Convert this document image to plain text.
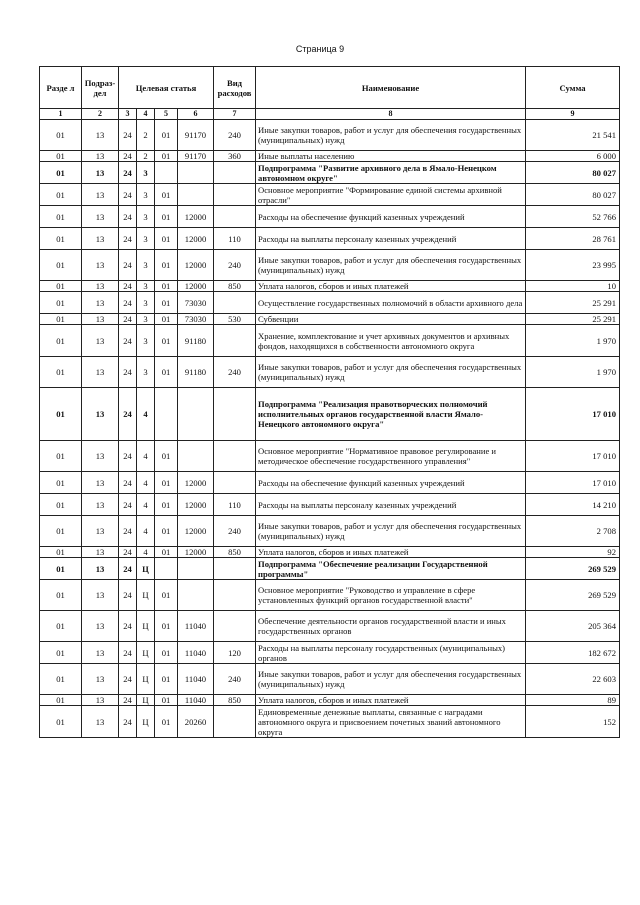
Страница 9
Разде л	Подраз- дел	Целевая статья				Вид расходов	Наименование	Сумма
1	2	3	4	5	6	7	8	9
01	13	24	2	01	91170	240	Иные закупки товаров, работ и услуг для обеспечения государственных (муниципальных) нужд	21 541
01	13	24	2	01	91170	360	Иные выплаты населению	6 000
01	13	24	3				Подпрограмма "Развитие архивного дела в Ямало-Ненецком автономном округе"	80 027
01	13	24	3	01			Основное мероприятие "Формирование единой системы архивной отрасли"	80 027
01	13	24	3	01	12000		Расходы на обеспечение функций казенных учреждений	52 766
01	13	24	3	01	12000	110	Расходы на выплаты персоналу казенных учреждений	28 761
01	13	24	3	01	12000	240	Иные закупки товаров, работ и услуг для обеспечения государственных (муниципальных) нужд	23 995
01	13	24	3	01	12000	850	Уплата налогов, сборов и иных платежей	10
01	13	24	3	01	73030		Осуществление государственных полномочий в области архивного дела	25 291
01	13	24	3	01	73030	530	Субвенции	25 291
01	13	24	3	01	91180		Хранение, комплектование и учет архивных документов и архивных фондов, находящихся в собственности автономного округа	1 970
01	13	24	3	01	91180	240	Иные закупки товаров, работ и услуг для обеспечения государственных (муниципальных) нужд	1 970
01	13	24	4				Подпрограмма "Реализация правотворческих полномочий исполнительных органов государственной власти Ямало-Ненецкого автономного округа"	17 010
01	13	24	4	01			Основное мероприятие "Нормативное правовое регулирование и методическое обеспечение государственного управления"	17 010
01	13	24	4	01	12000		Расходы на обеспечение функций казенных учреждений	17 010
01	13	24	4	01	12000	110	Расходы на выплаты персоналу казенных учреждений	14 210
01	13	24	4	01	12000	240	Иные закупки товаров, работ и услуг для обеспечения государственных (муниципальных) нужд	2 708
01	13	24	4	01	12000	850	Уплата налогов, сборов и иных платежей	92
01	13	24	Ц				Подпрограмма "Обеспечение реализации Государственной программы"	269 529
01	13	24	Ц	01			Основное мероприятие "Руководство и управление в сфере установленных функций органов государственной власти"	269 529
01	13	24	Ц	01	11040		Обеспечение деятельности органов государственной власти и иных государственных органов	205 364
01	13	24	Ц	01	11040	120	Расходы на выплаты персоналу государственных (муниципальных) органов	182 672
01	13	24	Ц	01	11040	240	Иные закупки товаров, работ и услуг для обеспечения государственных (муниципальных) нужд	22 603
01	13	24	Ц	01	11040	850	Уплата налогов, сборов и иных платежей	89
01	13	24	Ц	01	20260		Единовременные денежные выплаты, связанные с наградами автономного округа и присвоением почетных званий автономного округа	152
